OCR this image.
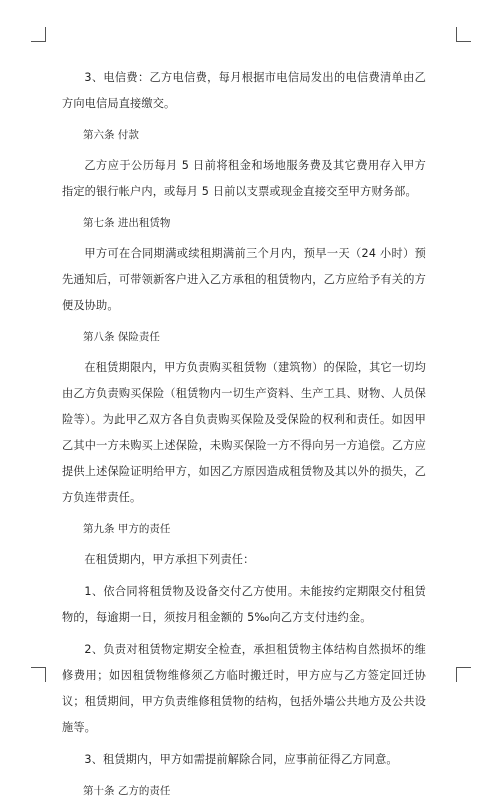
3、电信费：乙方电信费，每月根据市电信局发出的电信费清单由乙方向电信局直接缴交。

第六条 付款

乙方应于公历每月 5 日前将租金和场地服务费及其它费用存入甲方指定的银行帐户内，或每月 5 日前以支票或现金直接交至甲方财务部。

第七条 进出租赁物

甲方可在合同期满或续租期满前三个月内，预早一天（24 小时）预先通知后，可带领新客户进入乙方承租的租赁物内，乙方应给予有关的方便及协助。

第八条 保险责任

在租赁期限内，甲方负责购买租赁物（建筑物）的保险，其它一切均由乙方负责购买保险（租赁物内一切生产资料、生产工具、财物、人员保险等）。为此甲乙双方各自负责购买保险及受保险的权利和责任。如因甲乙其中一方未购买上述保险，未购买保险一方不得向另一方追偿。乙方应提供上述保险证明给甲方，如因乙方原因造成租赁物及其以外的损失，乙方负连带责任。

第九条 甲方的责任

在租赁期内，甲方承担下列责任：

1、依合同将租赁物及设备交付乙方使用。未能按约定期限交付租赁物的，每逾期一日，须按月租金额的 5‰向乙方支付违约金。

2、负责对租赁物定期安全检查，承担租赁物主体结构自然损坏的维修费用；如因租赁物维修须乙方临时搬迁时，甲方应与乙方签定回迁协议；租赁期间，甲方负责维修租赁物的结构，包括外墙公共地方及公共设施等。

3、租赁期内，甲方如需提前解除合同，应事前征得乙方同意。

第十条 乙方的责任
